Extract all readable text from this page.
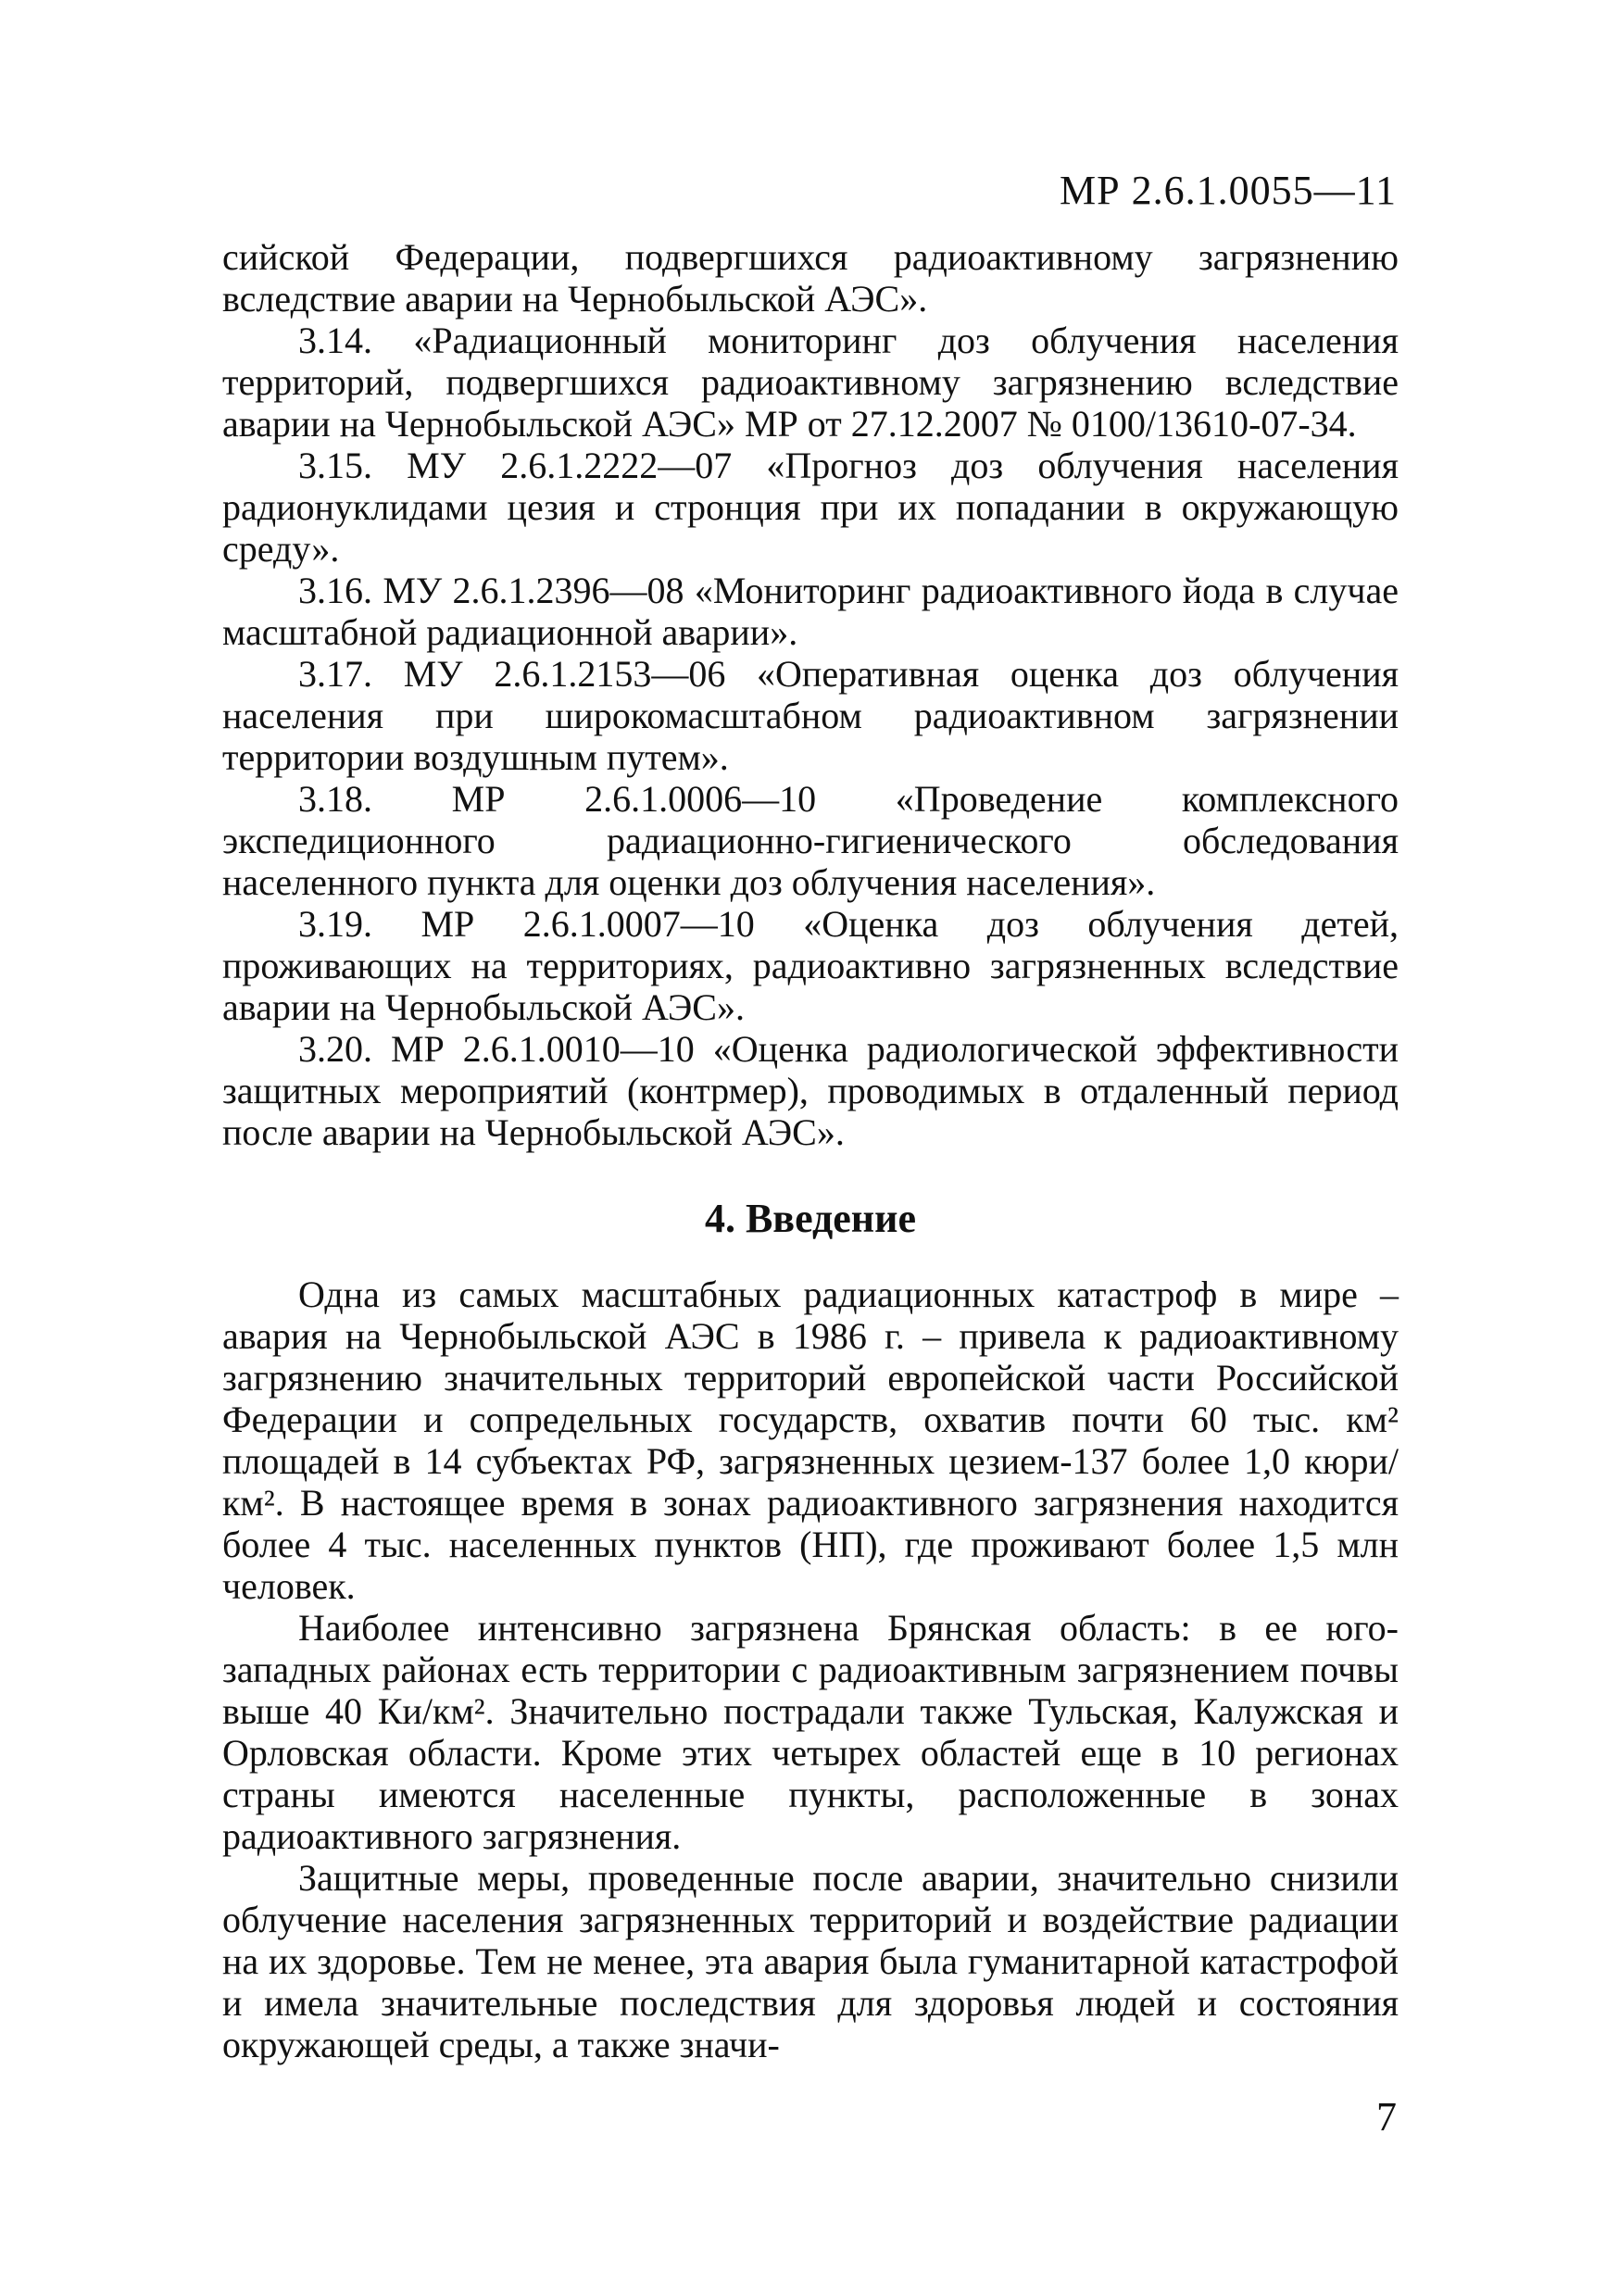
МР 2.6.1.0055—11

сийской Федерации, подвергшихся радиоактивному загрязнению вследствие аварии на Чернобыльской АЭС».

3.14. «Радиационный мониторинг доз облучения населения территорий, подвергшихся радиоактивному загрязнению вследствие аварии на Чернобыльской АЭС» МР от 27.12.2007 № 0100/13610-07-34.

3.15. МУ 2.6.1.2222—07 «Прогноз доз облучения населения радионуклидами цезия и стронция при их попадании в окружающую среду».

3.16. МУ 2.6.1.2396—08 «Мониторинг радиоактивного йода в случае масштабной радиационной аварии».

3.17. МУ 2.6.1.2153—06 «Оперативная оценка доз облучения населения при широкомасштабном радиоактивном загрязнении территории воздушным путем».

3.18. МР 2.6.1.0006—10 «Проведение комплексного экспедиционного радиационно-гигиенического обследования населенного пункта для оценки доз облучения населения».

3.19. МР 2.6.1.0007—10 «Оценка доз облучения детей, проживающих на территориях, радиоактивно загрязненных вследствие аварии на Чернобыльской АЭС».

3.20. МР 2.6.1.0010—10 «Оценка радиологической эффективности защитных мероприятий (контрмер), проводимых в отдаленный период после аварии на Чернобыльской АЭС».

4. Введение

Одна из самых масштабных радиационных катастроф в мире – авария на Чернобыльской АЭС в 1986 г. – привела к радиоактивному загрязнению значительных территорий европейской части Российской Федерации и сопредельных государств, охватив почти 60 тыс. км² площадей в 14 субъектах РФ, загрязненных цезием-137 более 1,0 кюри/км². В настоящее время в зонах радиоактивного загрязнения находится более 4 тыс. населенных пунктов (НП), где проживают более 1,5 млн человек.

Наиболее интенсивно загрязнена Брянская область: в ее юго-западных районах есть территории с радиоактивным загрязнением почвы выше 40 Ки/км². Значительно пострадали также Тульская, Калужская и Орловская области. Кроме этих четырех областей еще в 10 регионах страны имеются населенные пункты, расположенные в зонах радиоактивного загрязнения.

Защитные меры, проведенные после аварии, значительно снизили облучение населения загрязненных территорий и воздействие радиации на их здоровье. Тем не менее, эта авария была гуманитарной катастрофой и имела значительные последствия для здоровья людей и состояния окружающей среды, а также значи-

7
